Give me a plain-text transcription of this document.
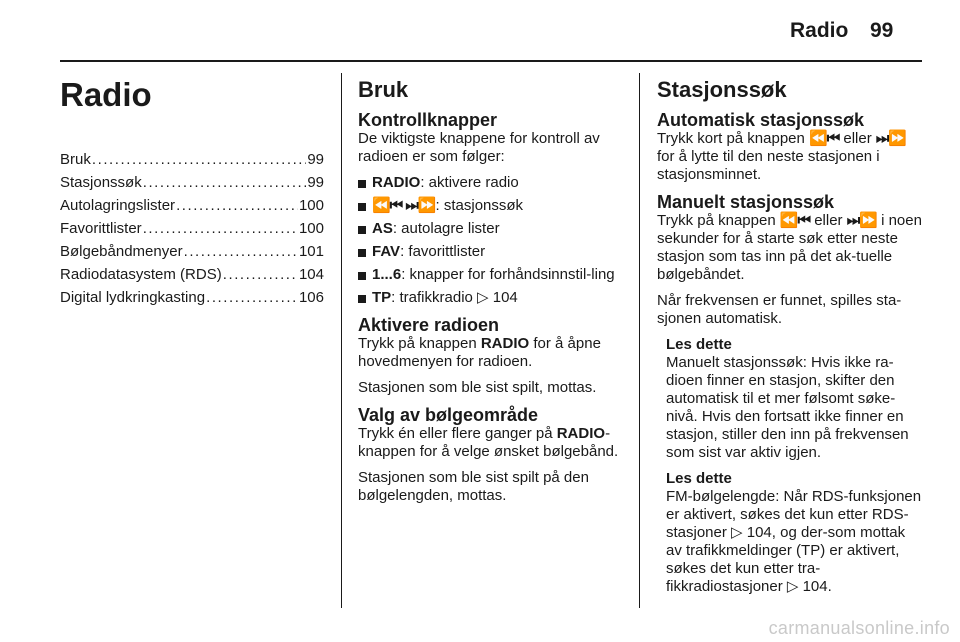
Radio 99
Radio
Bruk . . .	99
Stasjonssøk . . .	99
Autolagringslister . . .	100
Favorittlister . . .	100
Bølgebåndmenyer . . .	101
Radiodatasystem (RDS) . . .	104
Digital lydkringkasting . . .	106
Bruk
Kontrollknapper
De viktigste knappene for kontroll av radioen er som følger:
RADIO: aktivere radio
⏪⏮ ⏭⏩: stasjonssøk
AS: autolagre lister
FAV: favorittlister
1...6: knapper for forhåndsinnstil-ling
TP: trafikkradio ▷ 104
Aktivere radioen
Trykk på knappen RADIO for å åpne hovedmenyen for radioen.
Stasjonen som ble sist spilt, mottas.
Valg av bølgeområde
Trykk én eller flere ganger på RADIO-knappen for å velge ønsket bølgebånd.
Stasjonen som ble sist spilt på den bølgelengden, mottas.
Stasjonssøk
Automatisk stasjonssøk
Trykk kort på knappen ⏪⏮ eller ⏭⏩ for å lytte til den neste stasjonen i stasjonsminnet.
Manuelt stasjonssøk
Trykk på knappen ⏪⏮ eller ⏭⏩ i noen sekunder for å starte søk etter neste stasjon som tas inn på det ak-tuelle bølgebåndet.
Når frekvensen er funnet, spilles sta-sjonen automatisk.
Les dette
Manuelt stasjonssøk: Hvis ikke ra-dioen finner en stasjon, skifter den automatisk til et mer følsomt søke-nivå. Hvis den fortsatt ikke finner en stasjon, stiller den inn på frekvensen som sist var aktiv igjen.
Les dette
FM-bølgelengde: Når RDS-funksjonen er aktivert, søkes det kun etter RDS-stasjoner ▷ 104, og der-som mottak av trafikkmeldinger (TP) er aktivert, søkes det kun etter tra-fikkradiostasjoner ▷ 104.
carmanualsonline.info
